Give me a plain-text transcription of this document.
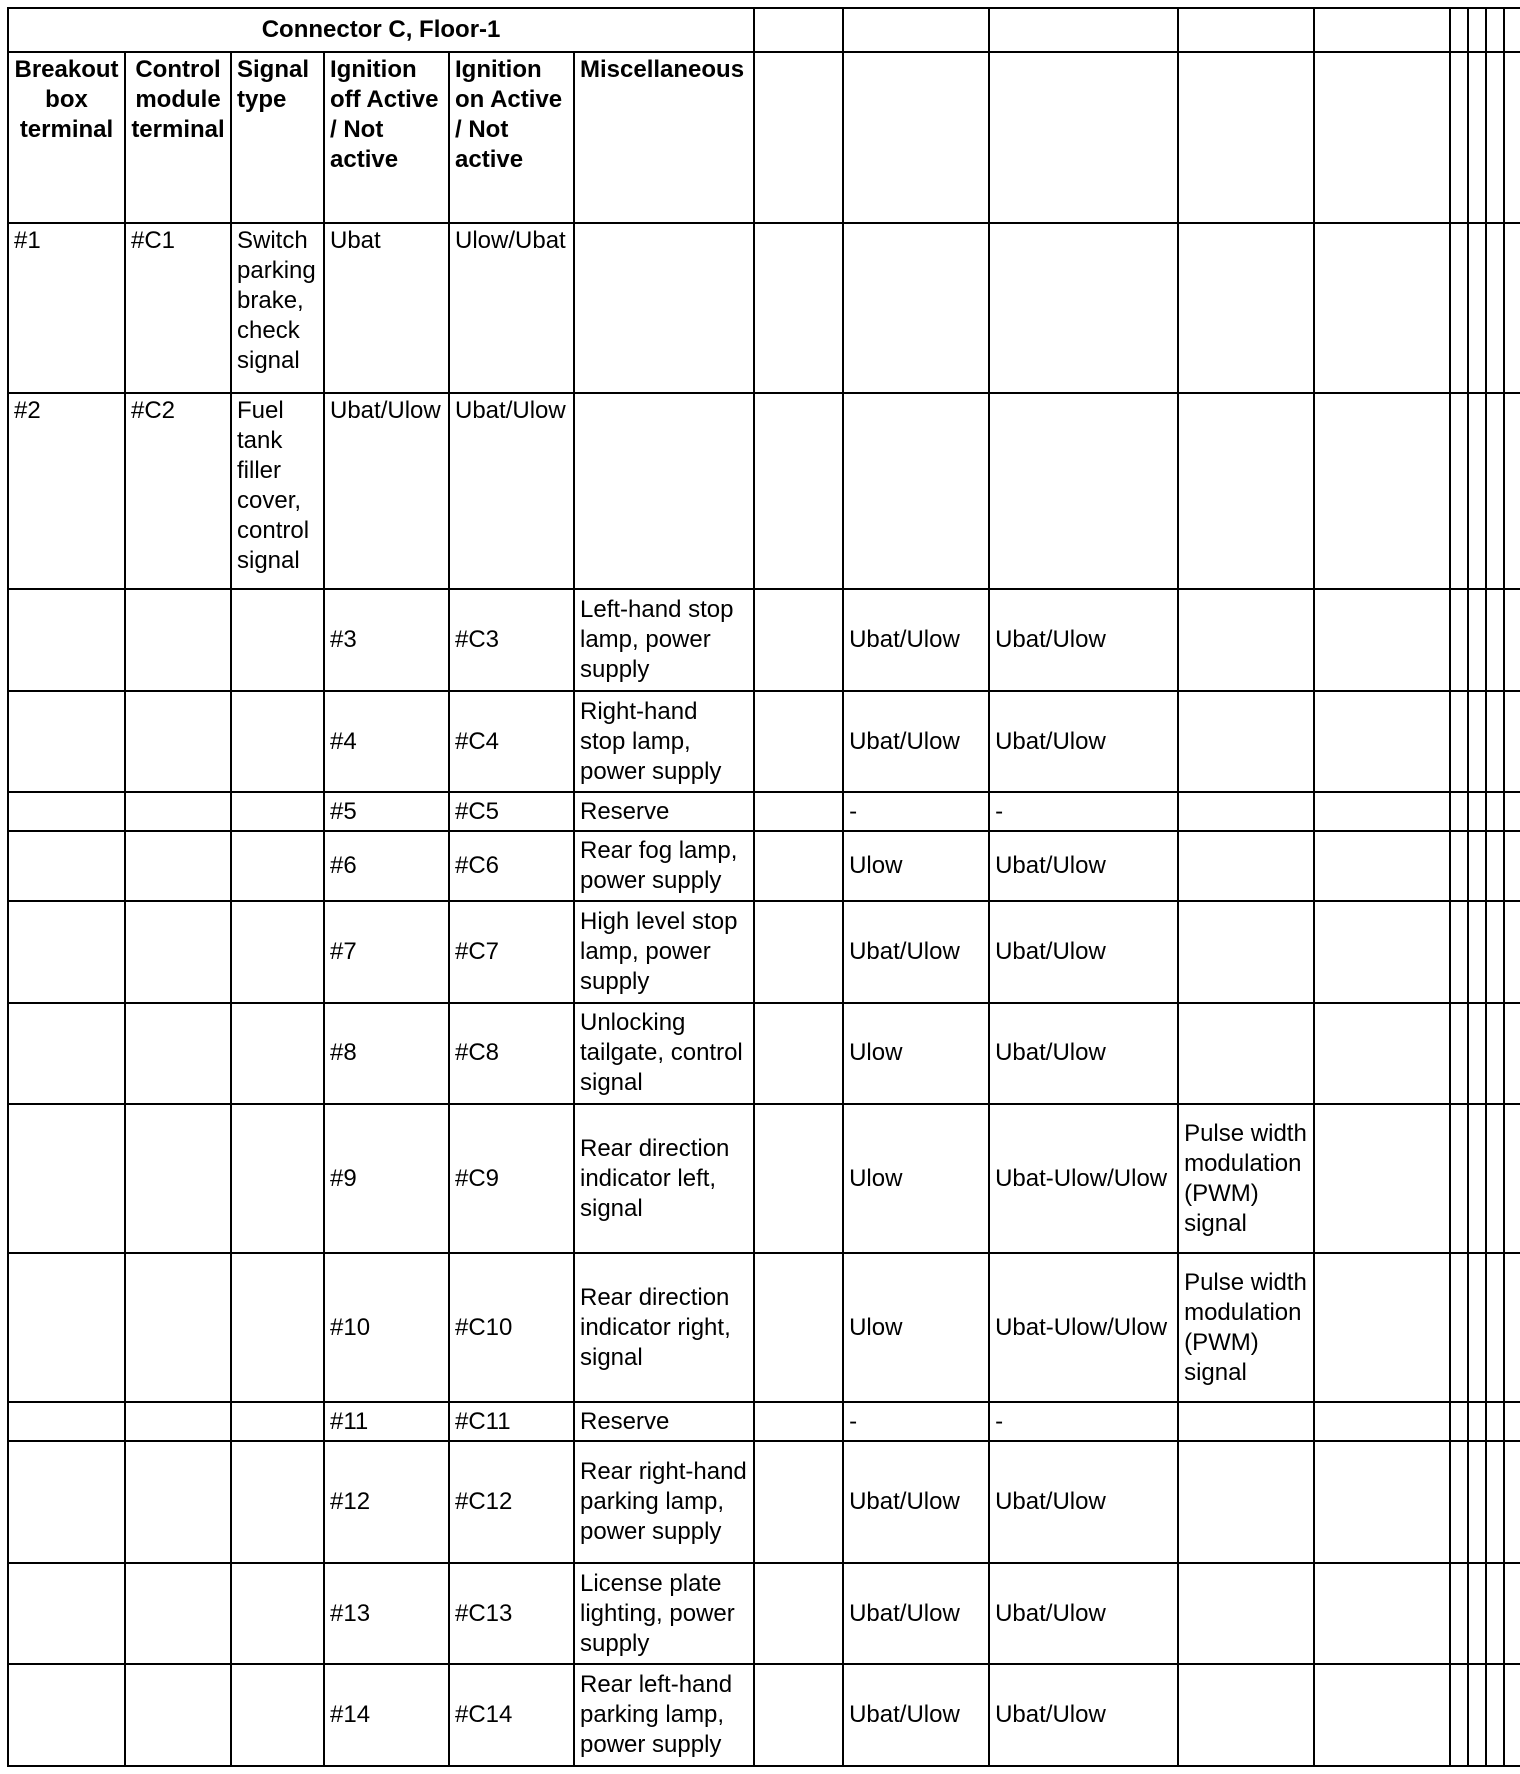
Connector C, Floor-1																	
Breakout box terminal	Control module terminal	Signal type	Ignition off Active / Not active	Ignition on Active / Not active	Miscellaneous												
#1	#C1	Switch parking brake, check signal	Ubat	Ulow/Ubat													
#2	#C2	Fuel tank filler cover, control signal	Ubat/Ulow	Ubat/Ulow													
			#3	#C3	Left-hand stop lamp, power supply		Ubat/Ulow	Ubat/Ulow									
			#4	#C4	Right-hand stop lamp, power supply		Ubat/Ulow	Ubat/Ulow									
			#5	#C5	Reserve		-	-									
			#6	#C6	Rear fog lamp, power supply		Ulow	Ubat/Ulow									
			#7	#C7	High level stop lamp, power supply		Ubat/Ulow	Ubat/Ulow									
			#8	#C8	Unlocking tailgate, control signal		Ulow	Ubat/Ulow									
			#9	#C9	Rear direction indicator left, signal		Ulow	Ubat-Ulow/Ulow	Pulse width modulation (PWM) signal								
			#10	#C10	Rear direction indicator right, signal		Ulow	Ubat-Ulow/Ulow	Pulse width modulation (PWM) signal								
			#11	#C11	Reserve		-	-									
			#12	#C12	Rear right-hand parking lamp, power supply		Ubat/Ulow	Ubat/Ulow									
			#13	#C13	License plate lighting, power supply		Ubat/Ulow	Ubat/Ulow									
			#14	#C14	Rear left-hand parking lamp, power supply		Ubat/Ulow	Ubat/Ulow									
